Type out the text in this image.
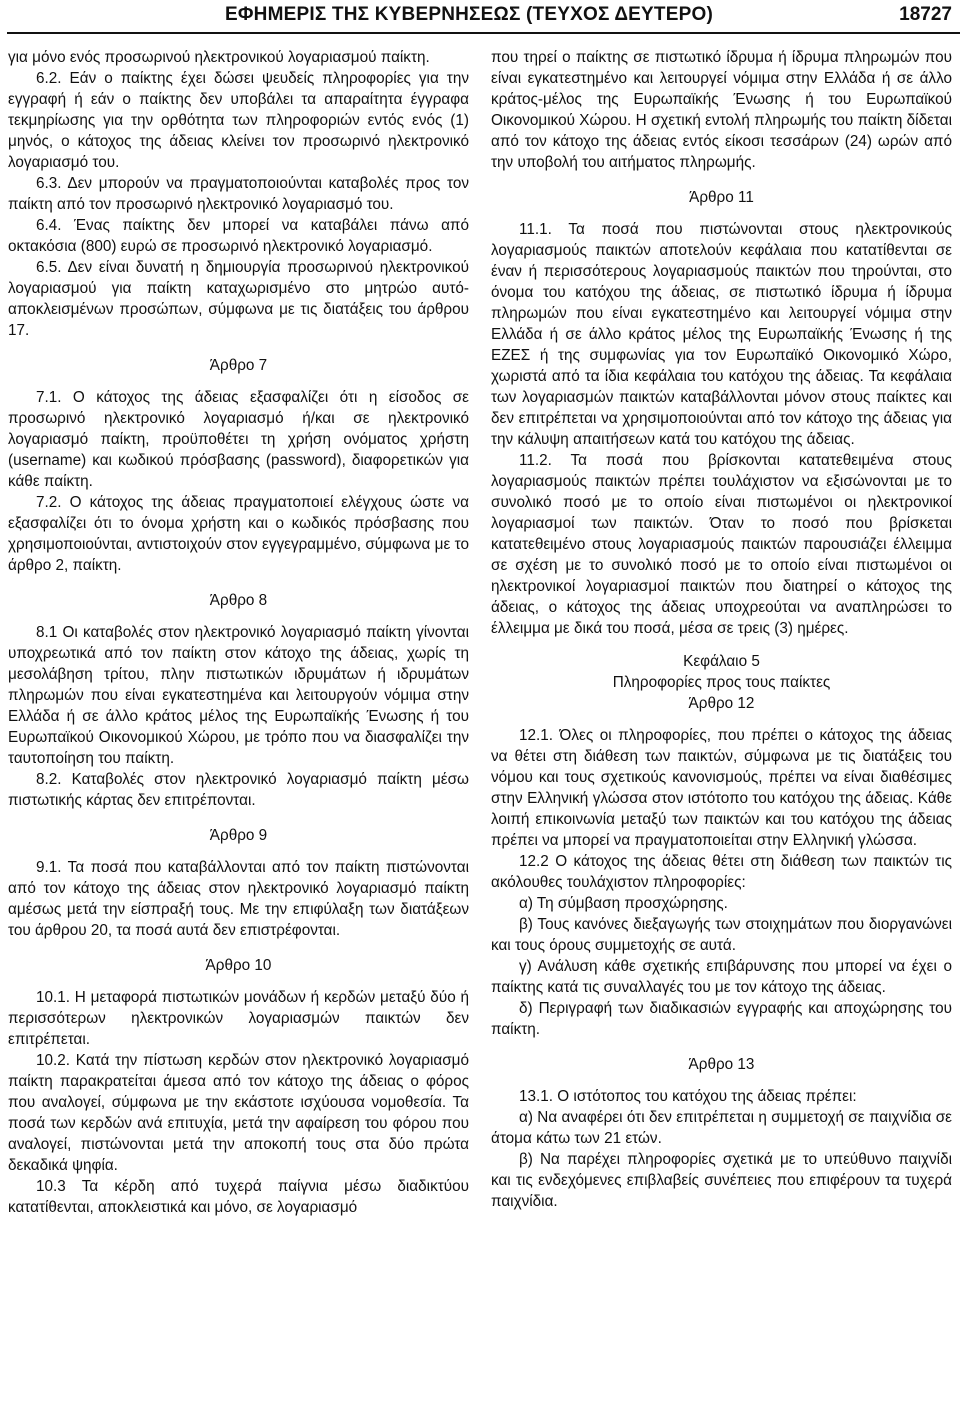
ΕΦΗΜΕΡΙΣ ΤΗΣ ΚΥΒΕΡΝΗΣΕΩΣ (ΤΕΥΧΟΣ ΔΕΥΤΕΡΟ)	18727

για μόνο ενός προσωρινού ηλεκτρονικού λογαριασμού παίκτη.

6.2. Εάν ο παίκτης έχει δώσει ψευδείς πληροφορίες για την εγγραφή ή εάν ο παίκτης δεν υποβάλει τα απαραίτητα έγγραφα τεκμηρίωσης για την ορθότητα των πληροφοριών εντός ενός (1) μηνός, ο κάτοχος της άδειας κλείνει τον προσωρινό ηλεκτρονικό λογαριασμό του.

6.3. Δεν μπορούν να πραγματοποιούνται καταβολές προς τον παίκτη από τον προσωρινό ηλεκτρονικό λογαριασμό του.

6.4. Ένας παίκτης δεν μπορεί να καταβάλει πάνω από οκτακόσια (800) ευρώ σε προσωρινό ηλεκτρονικό λογαριασμό.

6.5. Δεν είναι δυνατή η δημιουργία προσωρινού ηλεκτρονικού λογαριασμού για παίκτη καταχωρισμένο στο μητρώο αυτό-αποκλεισμένων προσώπων, σύμφωνα με τις διατάξεις του άρθρου 17.

Άρθρο 7

7.1. Ο κάτοχος της άδειας εξασφαλίζει ότι η είσοδος σε προσωρινό ηλεκτρονικό λογαριασμό ή/και σε ηλεκτρονικό λογαριασμό παίκτη, προϋποθέτει τη χρήση ονόματος χρήστη (username) και κωδικού πρόσβασης (password), διαφορετικών για κάθε παίκτη.

7.2. Ο κάτοχος της άδειας πραγματοποιεί ελέγχους ώστε να εξασφαλίζει ότι το όνομα χρήστη και ο κωδικός πρόσβασης που χρησιμοποιούνται, αντιστοιχούν στον εγγεγραμμένο, σύμφωνα με το άρθρο 2, παίκτη.

Άρθρο 8

8.1 Οι καταβολές στον ηλεκτρονικό λογαριασμό παίκτη γίνονται υποχρεωτικά από τον παίκτη στον κάτοχο της άδειας, χωρίς τη μεσολάβηση τρίτου, πλην πιστωτικών ιδρυμάτων ή ιδρυμάτων πληρωμών που είναι εγκατεστημένα και λειτουργούν νόμιμα στην Ελλάδα ή σε άλλο κράτος μέλος της Ευρωπαϊκής Ένωσης ή του Ευρωπαϊκού Οικονομικού Χώρου, με τρόπο που να διασφαλίζει την ταυτοποίηση του παίκτη.

8.2. Καταβολές στον ηλεκτρονικό λογαριασμό παίκτη μέσω πιστωτικής κάρτας δεν επιτρέπονται.

Άρθρο 9

9.1. Τα ποσά που καταβάλλονται από τον παίκτη πιστώνονται από τον κάτοχο της άδειας στον ηλεκτρονικό λογαριασμό παίκτη αμέσως μετά την είσπραξή τους. Με την επιφύλαξη των διατάξεων του άρθρου 20, τα ποσά αυτά δεν επιστρέφονται.

Άρθρο 10

10.1. Η μεταφορά πιστωτικών μονάδων ή κερδών μεταξύ δύο ή περισσότερων ηλεκτρονικών λογαριασμών παικτών δεν επιτρέπεται.

10.2. Κατά την πίστωση κερδών στον ηλεκτρονικό λογαριασμό παίκτη παρακρατείται άμεσα από τον κάτοχο της άδειας ο φόρος που αναλογεί, σύμφωνα με την εκάστοτε ισχύουσα νομοθεσία. Τα ποσά των κερδών ανά επιτυχία, μετά την αφαίρεση του φόρου που αναλογεί, πιστώνονται μετά την αποκοπή τους στα δύο πρώτα δεκαδικά ψηφία.

10.3 Τα κέρδη από τυχερά παίγνια μέσω διαδικτύου κατατίθενται, αποκλειστικά και μόνο, σε λογαριασμό

που τηρεί ο παίκτης σε πιστωτικό ίδρυμα ή ίδρυμα πληρωμών που είναι εγκατεστημένο και λειτουργεί νόμιμα στην Ελλάδα ή σε άλλο κράτος-μέλος της Ευρωπαϊκής Ένωσης ή του Ευρωπαϊκού Οικονομικού Χώρου. Η σχετική εντολή πληρωμής του παίκτη δίδεται από τον κάτοχο της άδειας εντός είκοσι τεσσάρων (24) ωρών από την υποβολή του αιτήματος πληρωμής.

Άρθρο 11

11.1. Τα ποσά που πιστώνονται στους ηλεκτρονικούς λογαριασμούς παικτών αποτελούν κεφάλαια που κατατίθενται σε έναν ή περισσότερους λογαριασμούς παικτών που τηρούνται, στο όνομα του κατόχου της άδειας, σε πιστωτικό ίδρυμα ή ίδρυμα πληρωμών που είναι εγκατεστημένο και λειτουργεί νόμιμα στην Ελλάδα ή σε άλλο κράτος μέλος της Ευρωπαϊκής Ένωσης ή της ΕΖΕΣ ή της συμφωνίας για τον Ευρωπαϊκό Οικονομικό Χώρο, χωριστά από τα ίδια κεφάλαια του κατόχου της άδειας. Τα κεφάλαια των λογαριασμών παικτών καταβάλλονται μόνον στους παίκτες και δεν επιτρέπεται να χρησιμοποιούνται από τον κάτοχο της άδειας για την κάλυψη απαιτήσεων κατά του κατόχου της άδειας.

11.2. Τα ποσά που βρίσκονται κατατεθειμένα στους λογαριασμούς παικτών πρέπει τουλάχιστον να εξισώνονται με το συνολικό ποσό με το οποίο είναι πιστωμένοι οι ηλεκτρονικοί λογαριασμοί των παικτών. Όταν το ποσό που βρίσκεται κατατεθειμένο στους λογαριασμούς παικτών παρουσιάζει έλλειμμα σε σχέση με το συνολικό ποσό με το οποίο είναι πιστωμένοι οι ηλεκτρονικοί λογαριασμοί παικτών που διατηρεί ο κάτοχος της άδειας, ο κάτοχος της άδειας υποχρεούται να αναπληρώσει το έλλειμμα με δικά του ποσά, μέσα σε τρεις (3) ημέρες.

Κεφάλαιο 5
Πληροφορίες προς τους παίκτες
Άρθρο 12

12.1. Όλες οι πληροφορίες, που πρέπει ο κάτοχος της άδειας να θέτει στη διάθεση των παικτών, σύμφωνα με τις διατάξεις του νόμου και τους σχετικούς κανονισμούς, πρέπει να είναι διαθέσιμες στην Ελληνική γλώσσα στον ιστότοπο του κατόχου της άδειας. Κάθε λοιπή επικοινωνία μεταξύ των παικτών και του κατόχου της άδειας πρέπει να μπορεί να πραγματοποιείται στην Ελληνική γλώσσα.

12.2 Ο κάτοχος της άδειας θέτει στη διάθεση των παικτών τις ακόλουθες τουλάχιστον πληροφορίες:

α) Τη σύμβαση προσχώρησης.

β) Τους κανόνες διεξαγωγής των στοιχημάτων που διοργανώνει και τους όρους συμμετοχής σε αυτά.

γ) Ανάλυση κάθε σχετικής επιβάρυνσης που μπορεί να έχει ο παίκτης κατά τις συναλλαγές του με τον κάτοχο της άδειας.

δ) Περιγραφή των διαδικασιών εγγραφής και αποχώρησης του παίκτη.

Άρθρο 13

13.1. Ο ιστότοπος του κατόχου της άδειας πρέπει:

α) Να αναφέρει ότι δεν επιτρέπεται η συμμετοχή σε παιχνίδια σε άτομα κάτω των 21 ετών.

β) Να παρέχει πληροφορίες σχετικά με το υπεύθυνο παιχνίδι και τις ενδεχόμενες επιβλαβείς συνέπειες που επιφέρουν τα τυχερά παιχνίδια.
